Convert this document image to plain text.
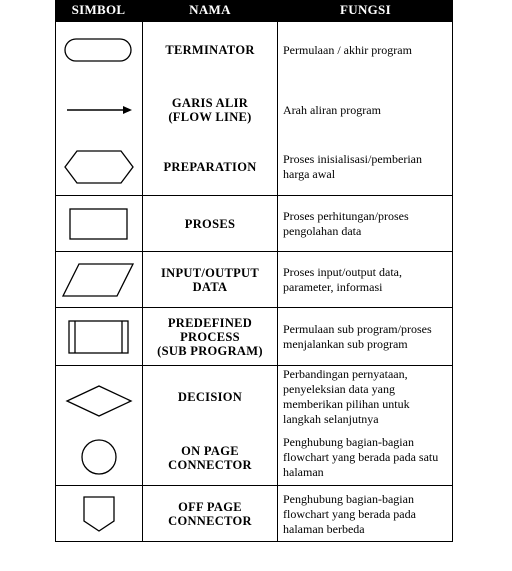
SIMBOL	NAMA	FUNGSI
TERMINATOR Permulaan / akhir program
GARIS ALIR
(FLOW LINE)
Arah aliran program
PREPARATION
Proses inisialisasi/pemberian harga awal
PROSES
Proses perhitungan/proses pengolahan data
INPUT/OUTPUT
DATA
Proses input/output data, parameter, informasi
PREDEFINED
PROCESS
(SUB PROGRAM)
Permulaan sub program/proses menjalankan sub program
DECISION
Perbandingan pernyataan, penyeleksian data yang memberikan pilihan untuk langkah selanjutnya
ON PAGE
CONNECTOR
Penghubung bagian-bagian flowchart yang berada pada satu halaman
OFF PAGE
CONNECTOR
Penghubung bagian-bagian flowchart yang berada pada halaman berbeda
